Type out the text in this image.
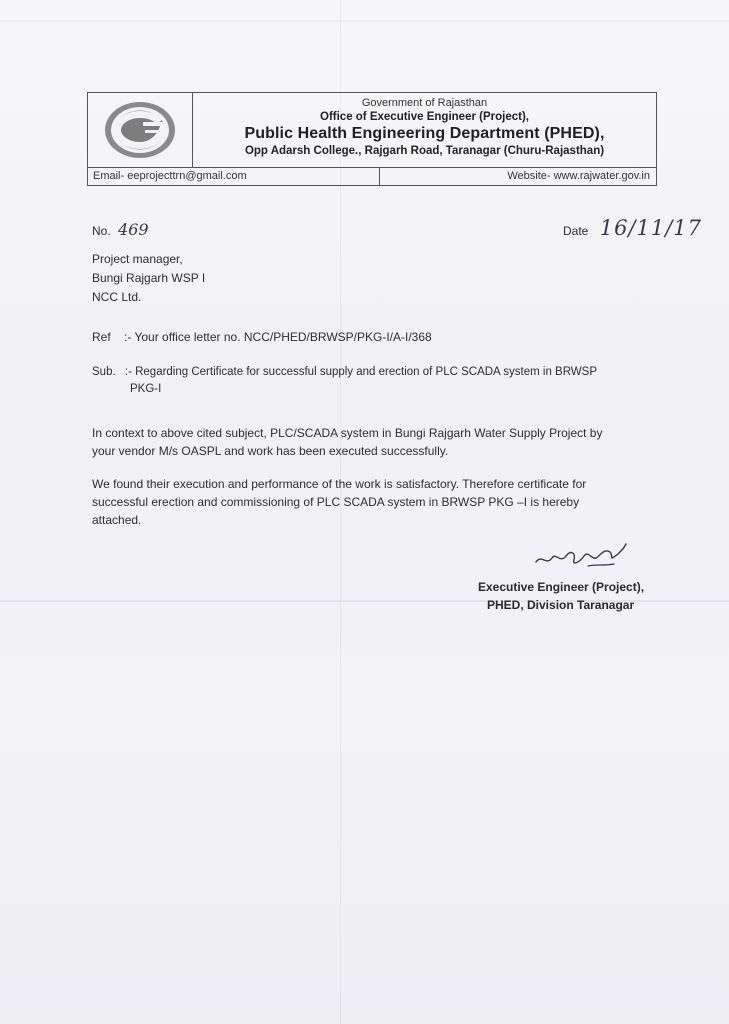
Government of Rajasthan
Office of Executive Engineer (Project),
Public Health Engineering Department (PHED),
Opp Adarsh College., Rajgarh Road, Taranagar (Churu-Rajasthan)
Email- eeprojecttrn@gmail.com	Website- www.rajwater.gov.in
No. 469	Date 16/11/17
Project manager,
Bungi Rajgarh WSP I
NCC Ltd.
Ref :- Your office letter no. NCC/PHED/BRWSP/PKG-I/A-I/368
Sub. :- Regarding Certificate for successful supply and erection of PLC SCADA system in BRWSP
PKG-I
In context to above cited subject, PLC/SCADA system in Bungi Rajgarh Water Supply Project by
your vendor M/s OASPL and work has been executed successfully.
We found their execution and performance of the work is satisfactory. Therefore certificate for
successful erection and commissioning of PLC SCADA system in BRWSP PKG –I is hereby
attached.
Executive Engineer (Project),
PHED, Division Taranagar
